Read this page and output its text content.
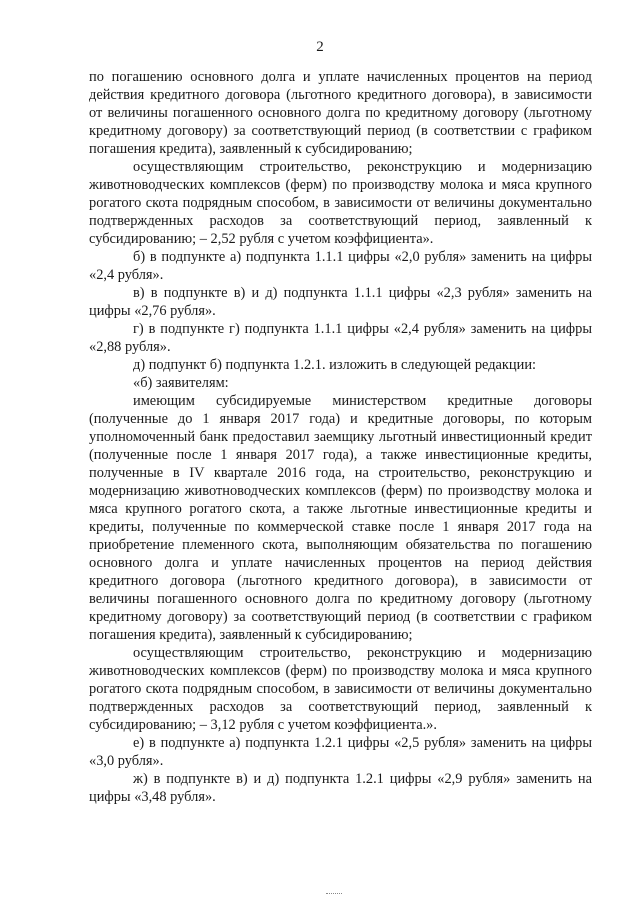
2

по погашению основного долга и уплате начисленных процентов на период действия кредитного договора (льготного кредитного договора), в зависимости от величины погашенного основного долга по кредитному договору (льготному кредитному договору) за соответствующий период (в соответствии с графиком погашения кредита), заявленный к субсидированию;

осуществляющим строительство, реконструкцию и модернизацию животноводческих комплексов (ферм) по производству молока и мяса крупного рогатого скота подрядным способом, в зависимости от величины документально подтвержденных расходов за соответствующий период, заявленный к субсидированию; – 2,52 рубля с учетом коэффициента».

б) в подпункте а) подпункта 1.1.1 цифры «2,0 рубля» заменить на цифры «2,4 рубля».

в) в подпункте в) и д) подпункта 1.1.1 цифры «2,3 рубля» заменить на цифры «2,76 рубля».

г) в подпункте г) подпункта 1.1.1 цифры «2,4 рубля» заменить на цифры «2,88 рубля».

д) подпункт б) подпункта 1.2.1. изложить в следующей редакции:

«б) заявителям:

имеющим субсидируемые министерством кредитные договоры (полученные до 1 января 2017 года) и кредитные договоры, по которым уполномоченный банк предоставил заемщику льготный инвестиционный кредит (полученные после 1 января 2017 года), а также инвестиционные кредиты, полученные в IV квартале 2016 года, на строительство, реконструкцию и модернизацию животноводческих комплексов (ферм) по производству молока и мяса крупного рогатого скота, а также льготные инвестиционные кредиты и кредиты, полученные по коммерческой ставке после 1 января 2017 года на приобретение племенного скота, выполняющим обязательства по погашению основного долга и уплате начисленных процентов на период действия кредитного договора (льготного кредитного договора), в зависимости от величины погашенного основного долга по кредитному договору (льготному кредитному договору) за соответствующий период (в соответствии с графиком погашения кредита), заявленный к субсидированию;

осуществляющим строительство, реконструкцию и модернизацию животноводческих комплексов (ферм) по производству молока и мяса крупного рогатого скота подрядным способом, в зависимости от величины документально подтвержденных расходов за соответствующий период, заявленный к субсидированию; – 3,12 рубля с учетом коэффициента.».

е) в подпункте а) подпункта 1.2.1 цифры «2,5 рубля» заменить на цифры «3,0 рубля».

ж) в подпункте в) и д) подпункта 1.2.1 цифры «2,9 рубля» заменить на цифры «3,48 рубля».
